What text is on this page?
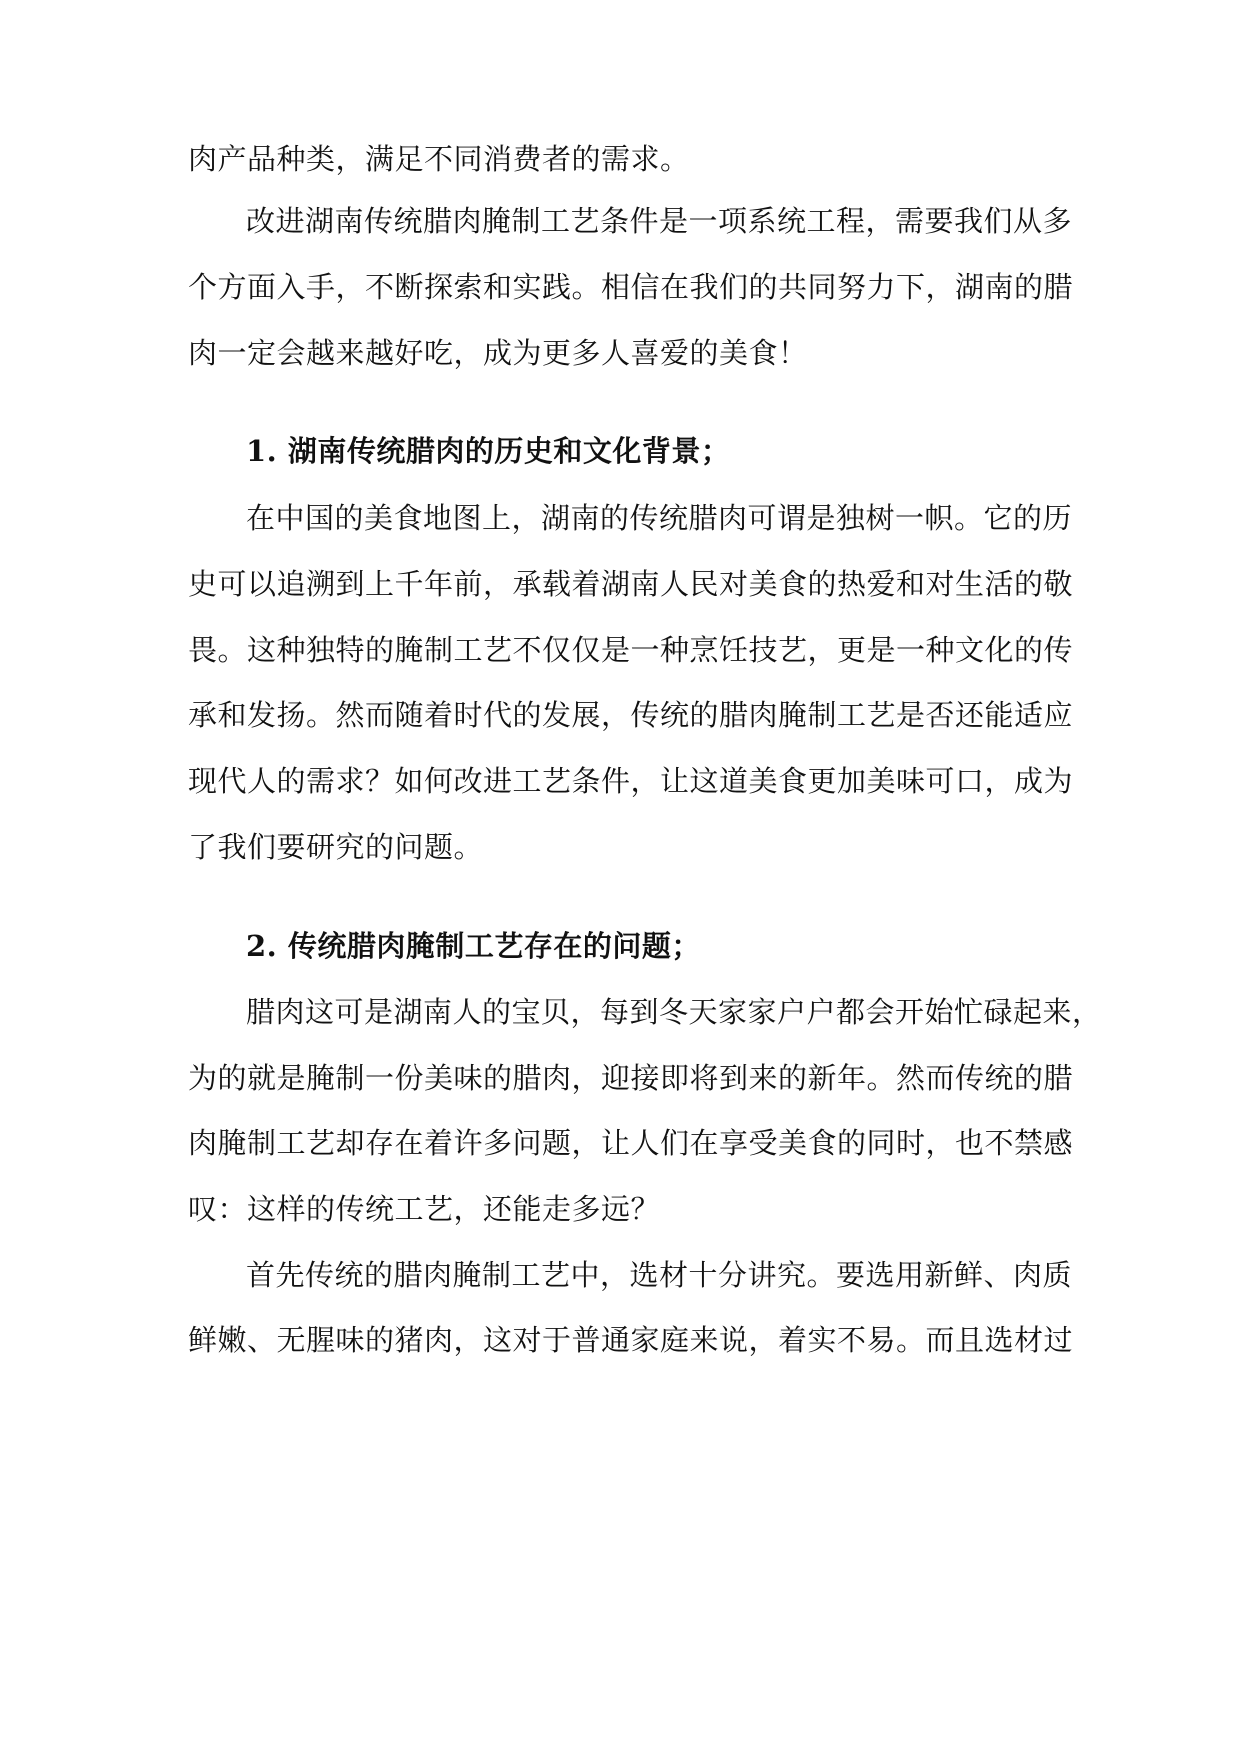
肉产品种类，满足不同消费者的需求。
改进湖南传统腊肉腌制工艺条件是一项系统工程，需要我们从多
个方面入手，不断探索和实践。相信在我们的共同努力下，湖南的腊
肉一定会越来越好吃，成为更多人喜爱的美食！
1. 湖南传统腊肉的历史和文化背景；
在中国的美食地图上，湖南的传统腊肉可谓是独树一帜。它的历
史可以追溯到上千年前，承载着湖南人民对美食的热爱和对生活的敬
畏。这种独特的腌制工艺不仅仅是一种烹饪技艺，更是一种文化的传
承和发扬。然而随着时代的发展，传统的腊肉腌制工艺是否还能适应
现代人的需求？如何改进工艺条件，让这道美食更加美味可口，成为
了我们要研究的问题。
2. 传统腊肉腌制工艺存在的问题；
腊肉这可是湖南人的宝贝，每到冬天家家户户都会开始忙碌起来，
为的就是腌制一份美味的腊肉，迎接即将到来的新年。然而传统的腊
肉腌制工艺却存在着许多问题，让人们在享受美食的同时，也不禁感
叹：这样的传统工艺，还能走多远？
首先传统的腊肉腌制工艺中，选材十分讲究。要选用新鲜、肉质
鲜嫩、无腥味的猪肉，这对于普通家庭来说，着实不易。而且选材过
